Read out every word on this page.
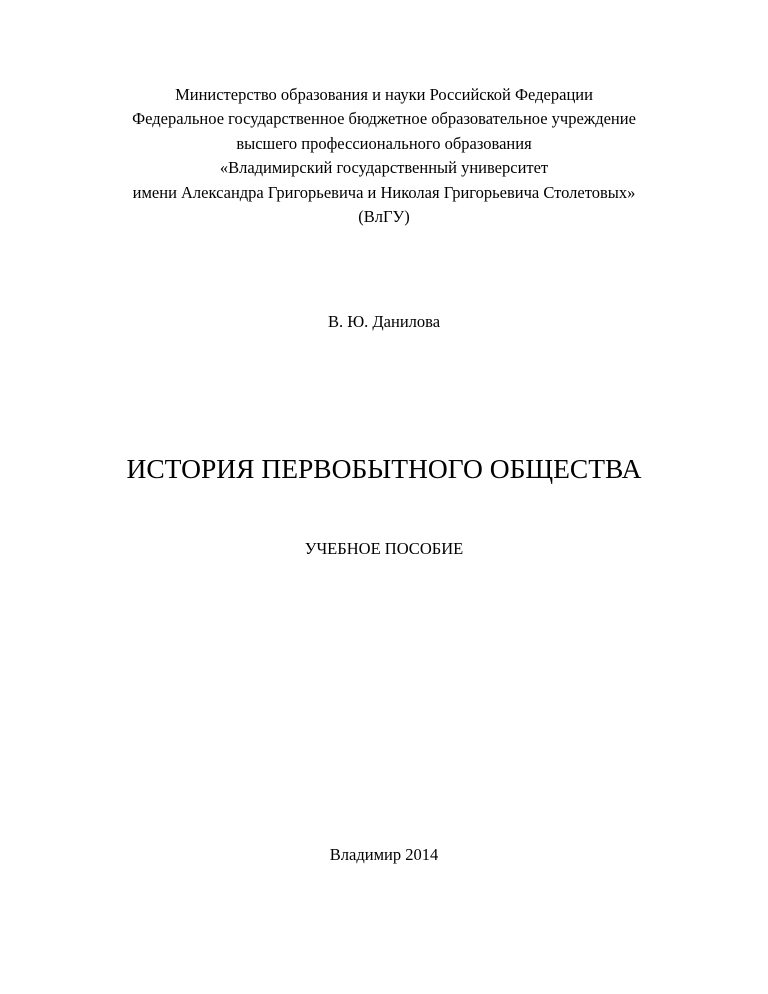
Министерство образования и науки Российской Федерации
Федеральное государственное бюджетное образовательное учреждение
высшего профессионального образования
«Владимирский государственный университет
имени Александра Григорьевича и Николая Григорьевича Столетовых»
(ВлГУ)
В. Ю. Данилова
ИСТОРИЯ ПЕРВОБЫТНОГО ОБЩЕСТВА
УЧЕБНОЕ ПОСОБИЕ
Владимир 2014
